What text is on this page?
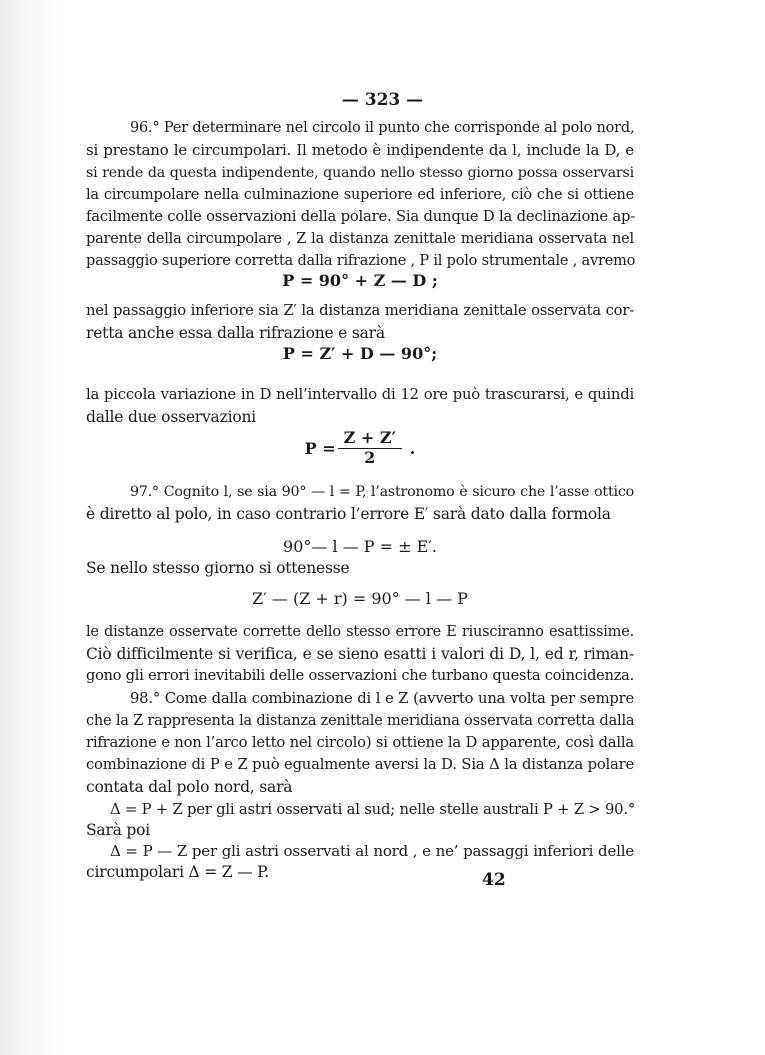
— 323 —
96.° Per determinare nel circolo il punto che corrisponde al polo nord,
si prestano le circumpolari. Il metodo è indipendente da l, include la D, e
si rende da questa indipendente, quando nello stesso giorno possa osservarsi
la circumpolare nella culminazione superiore ed inferiore, ciò che si ottiene
facilmente colle osservazioni della polare. Sia dunque D la declinazione ap-
parente della circumpolare , Z la distanza zenittale meridiana osservata nel
passaggio superiore corretta dalla rifrazione , P il polo strumentale , avremo
P = 90° + Z — D ;
nel passaggio inferiore sia Z′ la distanza meridiana zenittale osservata cor-
retta anche essa dalla rifrazione e sarà
P = Z′ + D — 90°;
la piccola variazione in D nell’intervallo di 12 ore può trascurarsi, e quindi
dalle due osservazioni
$P = \frac{Z + Z'}{2}$ .
97.° Cognito l, se sia 90° — l = P, l’astronomo è sicuro che l’asse ottico
è diretto al polo, in caso contrario l’errore E′ sarà dato dalla formola
90°— l — P = ± E′.
Se nello stesso giorno si ottenesse
Z′ — (Z + r) = 90° — l — P
le distanze osservate corrette dello stesso errore E riusciranno esattissime.
Ciò difficilmente si verifica, e se sieno esatti i valori di D, l, ed r, riman-
gono gli errori inevitabili delle osservazioni che turbano questa coincidenza.
98.° Come dalla combinazione di l e Z (avverto una volta per sempre
che la Z rappresenta la distanza zenittale meridiana osservata corretta dalla
rifrazione e non l’arco letto nel circolo) si ottiene la D apparente, così dalla
combinazione di P e Z può egualmente aversi la D. Sia Δ la distanza polare
contata dal polo nord, sarà
Δ = P + Z per gli astri osservati al sud; nelle stelle australi P + Z > 90.°
Sarà poi
Δ = P — Z per gli astri osservati al nord , e ne’ passaggi inferiori delle
circumpolari Δ = Z — P.	42
